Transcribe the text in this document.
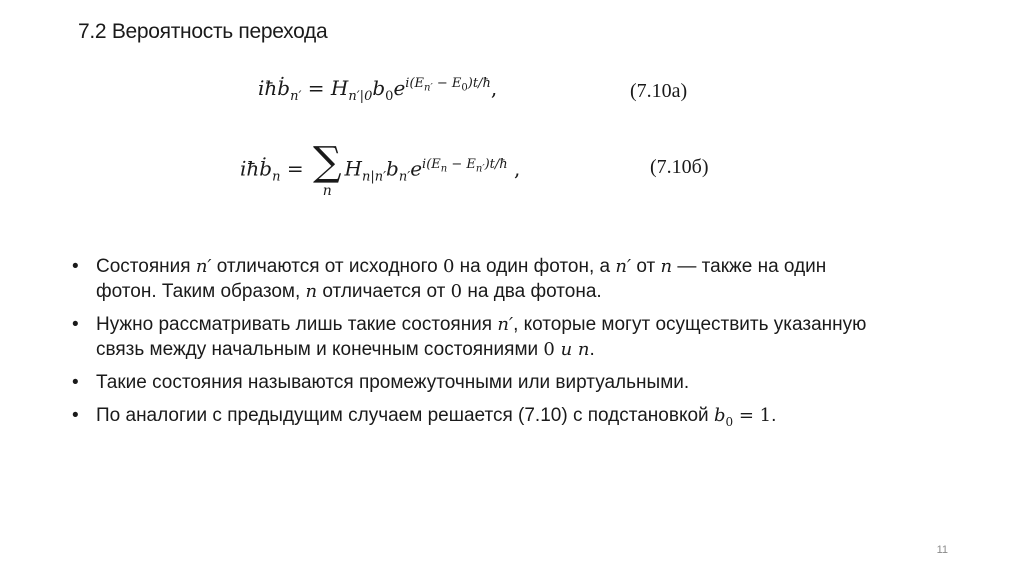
7.2 Вероятность перехода
iħḃ$_{n'}$ = $H_{n'|0}b_0e^{i(E_{n'} - E_0)t/ħ}$,	(7.10a)
iħḃ$_n$ = ∑
n
$H_{n|n'}b_{n'}e^{i(E_n - E_{n'})t/ħ}$ ,	(7.10б)
• Состояния n′ отличаются от исходного 0 на один фотон, а n′ от n — также на один фотон. Таким образом, n отличается от 0 на два фотона.
• Нужно рассматривать лишь такие состояния n′, которые могут осуществить указанную связь между начальным и конечным состояниями 0 и n.
• Такие состояния называются промежуточными или виртуальными.
• По аналогии с предыдущим случаем решается (7.10) с подстановкой $b_0 = 1$.
11
